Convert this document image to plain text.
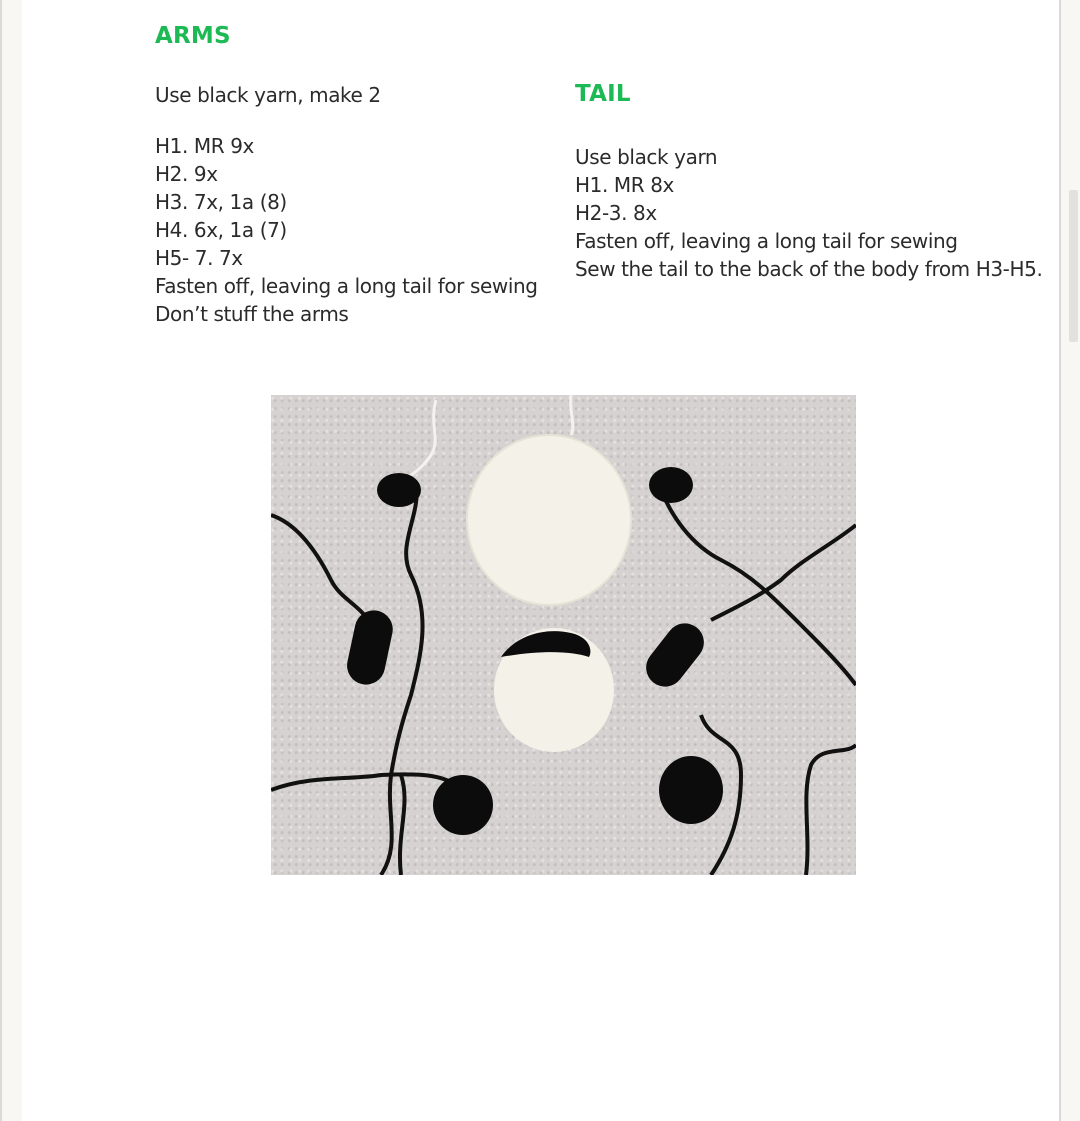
ARMS

Use black yarn, make 2

H1. MR 9x
H2. 9x
H3. 7x, 1a (8)
H4. 6x, 1a (7)
H5- 7. 7x
Fasten off, leaving a long tail for sewing
Don’t stuff the arms
TAIL
Use black yarn
H1. MR 8x
H2-3. 8x
Fasten off, leaving a long tail for sewing
Sew the tail to the back of the body from H3-H5.
